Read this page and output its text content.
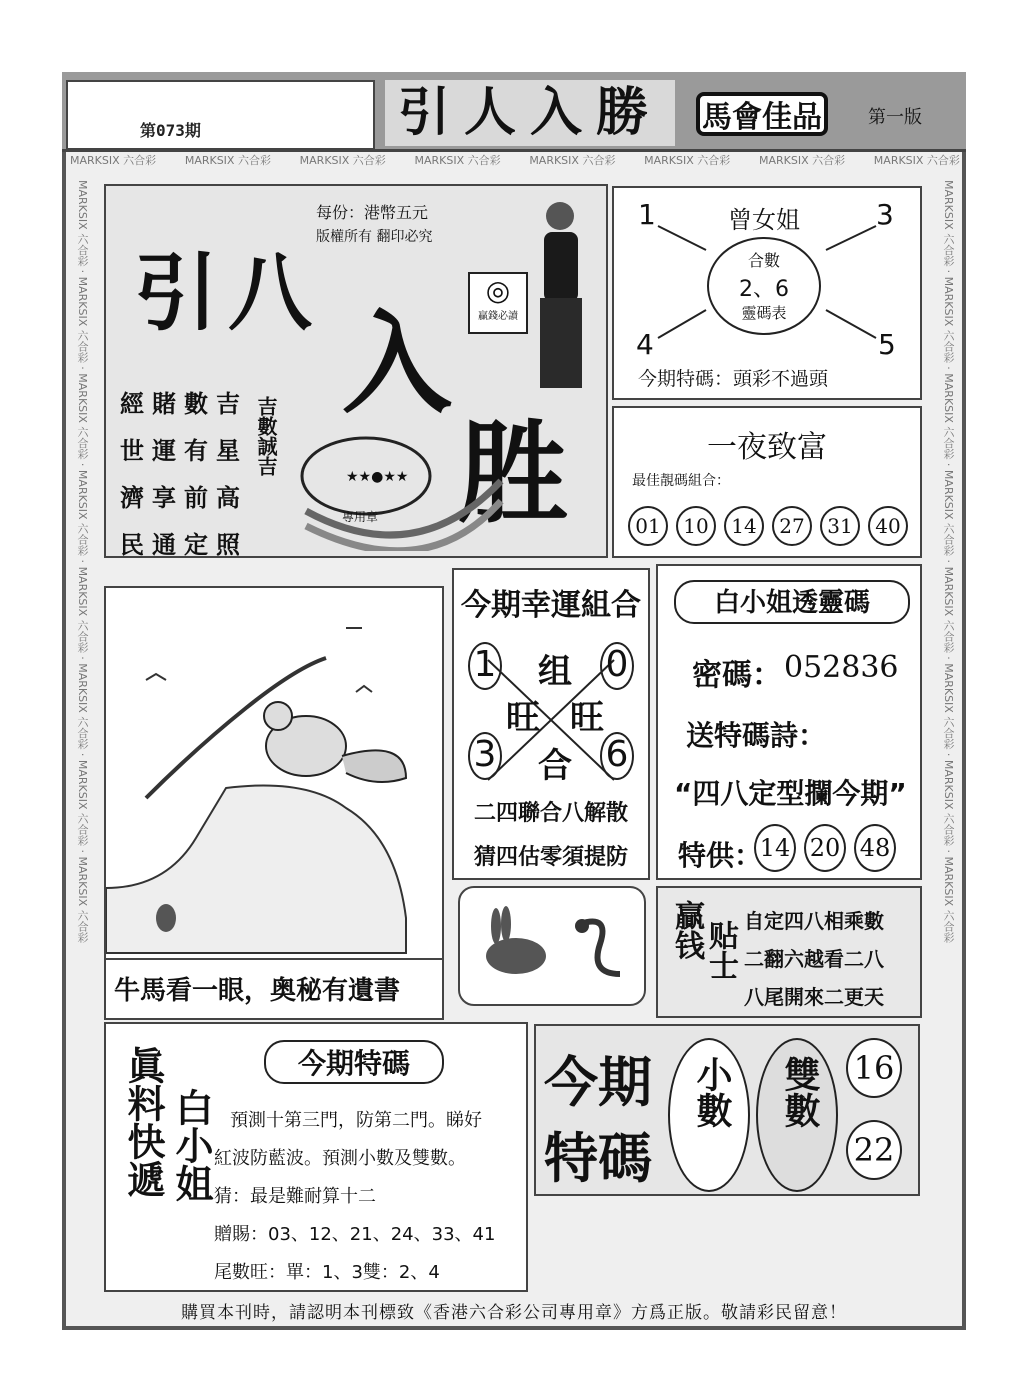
第073期	引人入勝	馬會佳品	第一版
MARKSIX 六合彩	MARKSIX 六合彩	MARKSIX 六合彩	MARKSIX 六合彩	MARKSIX 六合彩	MARKSIX 六合彩	MARKSIX 六合彩	MARKSIX 六合彩
MARKSIX 六合彩 · MARKSIX 六合彩 · MARKSIX 六合彩 · MARKSIX 六合彩 · MARKSIX 六合彩 · MARKSIX 六合彩 · MARKSIX 六合彩 · MARKSIX 六合彩
MARKSIX 六合彩 · MARKSIX 六合彩 · MARKSIX 六合彩 · MARKSIX 六合彩 · MARKSIX 六合彩 · MARKSIX 六合彩 · MARKSIX 六合彩 · MARKSIX 六合彩
每份：港幣五元
版權所有 翻印必究
引八
入
胜
◎
贏錢必讀
★★●★★
專用章
經賭數吉
世運有星
濟享前高
民通定照
吉數誠吉
1	3
4	5
曾女姐
合數
2、6
靈碼表
今期特碼：頭彩不過頭
一夜致富
最佳靚碼組合：
01	10	14	27	31	40
牛馬看一眼，奥秘有遺書
今期幸運組合
1	0
3	6
组
旺 旺
合
二四聯合八解散
猜四估零須提防
白小姐透靈碼
密碼： 052836
送特碼詩：
“四八定型攔今期”
特供：
14 20 48
贏钱 贴士 自定四八相乘數
二翻六越看二八
八尾開來二更天
眞料快遞 白小姐
今期特碼
預測十第三門，防第二門。睇好
紅波防藍波。預測小數及雙數。
猜：最是難耐算十二
贈賜：03、12、21、24、33、41
尾數旺：單：1、3雙：2、4
今期
特碼
小數 雙數 16
22
購買本刊時，請認明本刊標致《香港六合彩公司專用章》方爲正版。敬請彩民留意！
